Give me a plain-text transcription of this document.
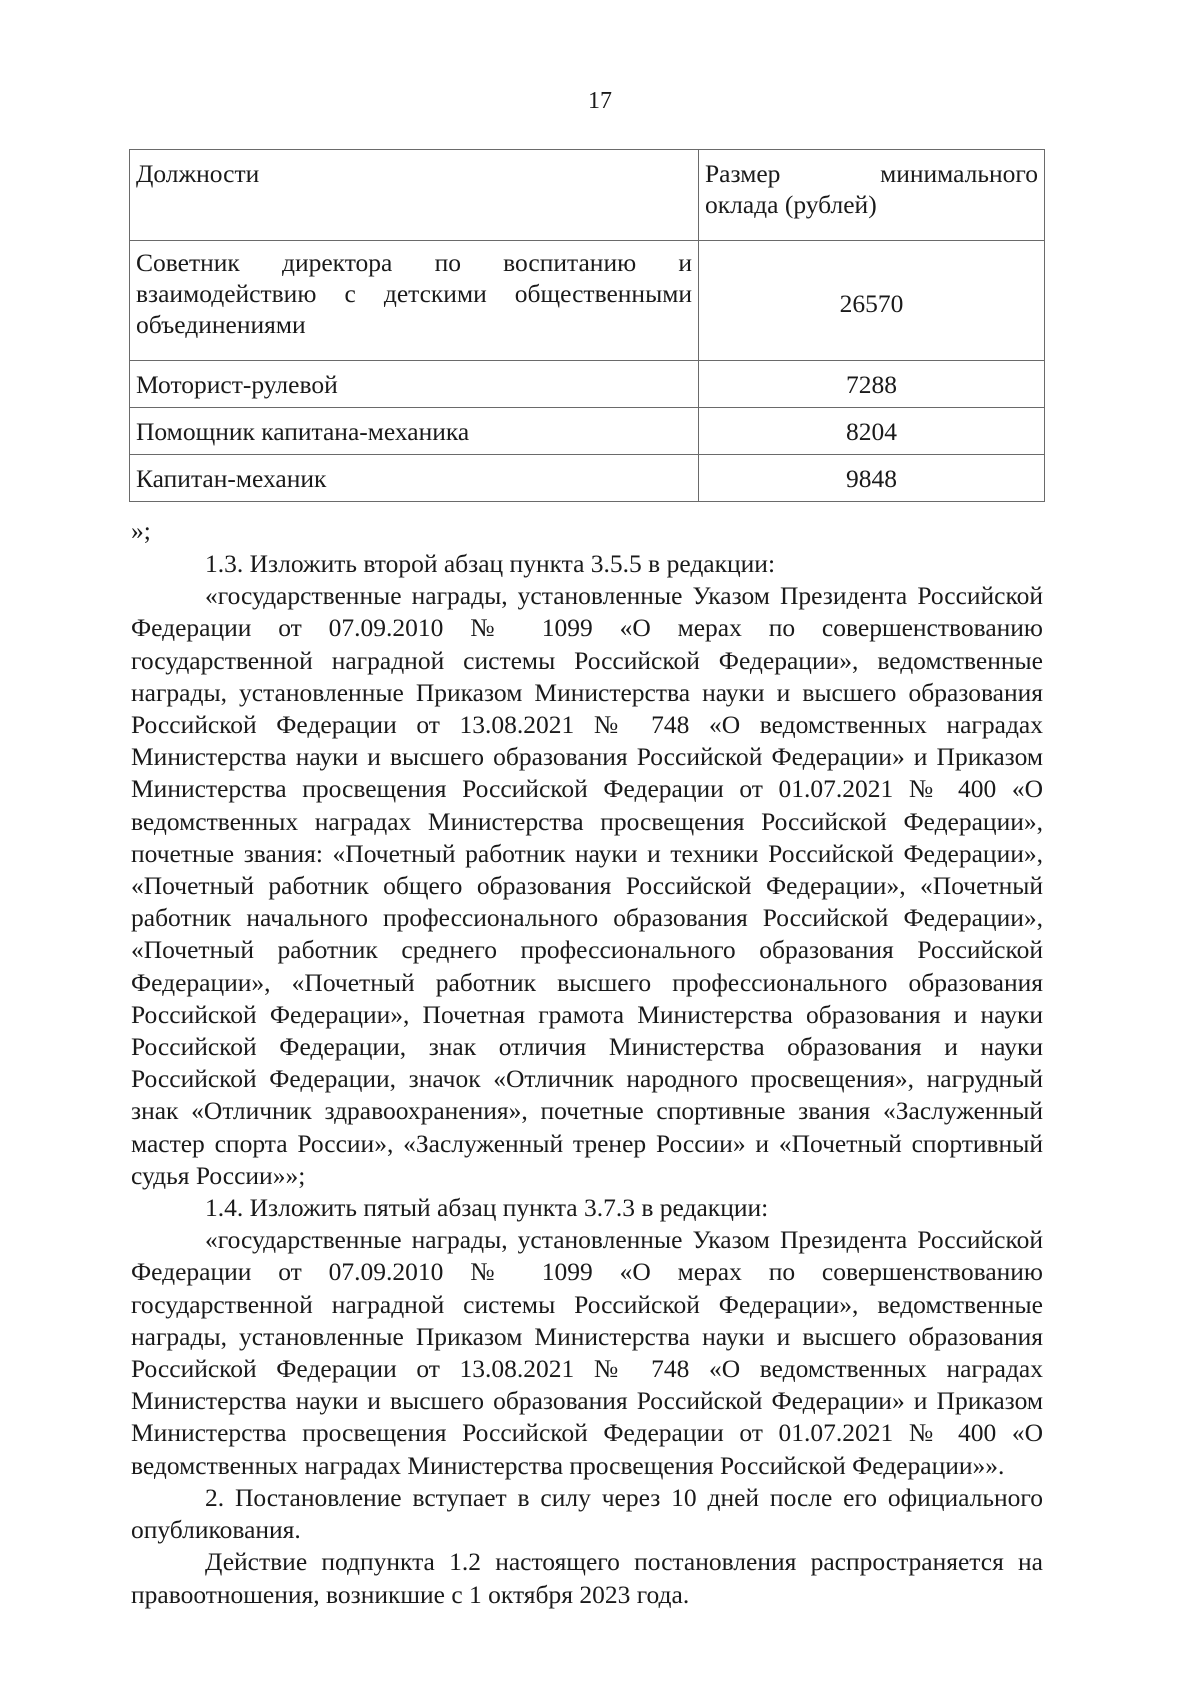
17
Должности	Размер минимального
оклада (рублей)

Советник директора по воспитанию и взаимодействию с детскими общественными объединениями	26570
Моторист-рулевой	7288
Помощник капитана-механика	8204
Капитан-механик	9848
»;

1.3. Изложить второй абзац пункта 3.5.5 в редакции:

«государственные награды, установленные Указом Президента Российской Федерации от 07.09.2010 № 1099 «О мерах по совершенствованию государственной наградной системы Российской Федерации», ведомственные награды, установленные Приказом Министерства науки и высшего образования Российской Федерации от 13.08.2021 № 748 «О ведомственных наградах Министерства науки и высшего образования Российской Федерации» и Приказом Министерства просвещения Российской Федерации от 01.07.2021 № 400 «О ведомственных наградах Министерства просвещения Российской Федерации», почетные звания: «Почетный работник науки и техники Российской Федерации», «Почетный работник общего образования Российской Федерации», «Почетный работник начального профессионального образования Российской Федерации», «Почетный работник среднего профессионального образования Российской Федерации», «Почетный работник высшего профессионального образования Российской Федерации», Почетная грамота Министерства образования и науки Российской Федерации, знак отличия Министерства образования и науки Российской Федерации, значок «Отличник народного просвещения», нагрудный знак «Отличник здравоохранения», почетные спортивные звания «Заслуженный мастер спорта России», «Заслуженный тренер России» и «Почетный спортивный судья России»»;

1.4. Изложить пятый абзац пункта 3.7.3 в редакции:

«государственные награды, установленные Указом Президента Российской Федерации от 07.09.2010 № 1099 «О мерах по совершенствованию государственной наградной системы Российской Федерации», ведомственные награды, установленные Приказом Министерства науки и высшего образования Российской Федерации от 13.08.2021 № 748 «О ведомственных наградах Министерства науки и высшего образования Российской Федерации» и Приказом Министерства просвещения Российской Федерации от 01.07.2021 № 400 «О ведомственных наградах Министерства просвещения Российской Федерации»».

2. Постановление вступает в силу через 10 дней после его официального опубликования.

Действие подпункта 1.2 настоящего постановления распространяется на правоотношения, возникшие с 1 октября 2023 года.
